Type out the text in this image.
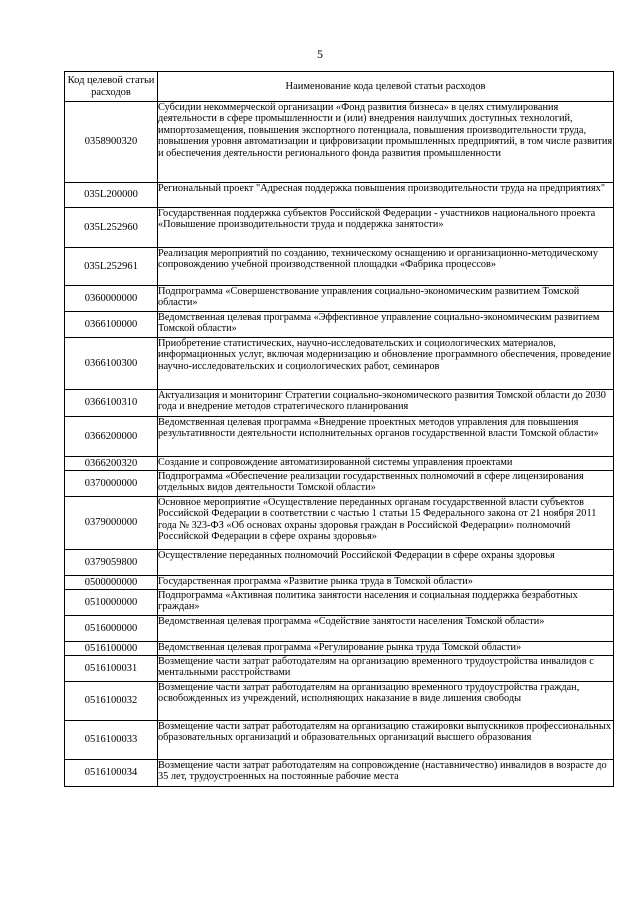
5
Код целевой статьи расходов	Наименование кода целевой статьи расходов
0358900320	Субсидии некоммерческой организации «Фонд развития бизнеса» в целях стимулирования деятельности в сфере промышленности и (или) внедрения наилучших доступных технологий, импортозамещения, повышения экспортного потенциала, повышения производительности труда, повышения уровня автоматизации и цифровизации промышленных предприятий, в том числе развития и обеспечения деятельности регионального фонда развития промышленности
035L200000	Региональный проект "Адресная поддержка повышения производительности труда на предприятиях"
035L252960	Государственная поддержка субъектов Российской Федерации - участников национального проекта «Повышение производительности труда и поддержка занятости»
035L252961	Реализация мероприятий по созданию, техническому оснащению и организационно-методическому сопровождению учебной производственной площадки «Фабрика процессов»
0360000000	Подпрограмма «Совершенствование управления социально-экономическим развитием Томской области»
0366100000	Ведомственная целевая программа «Эффективное управление социально-экономическим развитием Томской области»
0366100300	Приобретение статистических, научно-исследовательских и социологических материалов, информационных услуг, включая модернизацию и обновление программного обеспечения, проведение научно-исследовательских и социологических работ, семинаров
0366100310	Актуализация и мониторинг Стратегии социально-экономического развития Томской области до 2030 года и внедрение методов стратегического планирования
0366200000	Ведомственная целевая программа «Внедрение проектных методов управления для повышения результативности деятельности исполнительных органов государственной власти Томской области»
0366200320	Создание и сопровождение автоматизированной системы управления проектами
0370000000	Подпрограмма «Обеспечение реализации государственных полномочий в сфере лицензирования отдельных видов деятельности Томской области»
0379000000	Основное мероприятие «Осуществление переданных органам государственной власти субъектов Российской Федерации в соответствии с частью 1 статьи 15 Федерального закона от 21 ноября 2011 года № 323-ФЗ «Об основах охраны здоровья граждан в Российской Федерации» полномочий Российской Федерации в сфере охраны здоровья»
0379059800	Осуществление переданных полномочий Российской Федерации в сфере охраны здоровья
0500000000	Государственная программа «Развитие рынка труда в Томской области»
0510000000	Подпрограмма «Активная политика занятости населения и социальная поддержка безработных граждан»
0516000000	Ведомственная целевая программа «Содействие занятости населения Томской области»
0516100000	Ведомственная целевая программа «Регулирование рынка труда Томской области»
0516100031	Возмещение части затрат работодателям на организацию временного трудоустройства инвалидов с ментальными расстройствами
0516100032	Возмещение части затрат работодателям на организацию временного трудоустройства граждан, освобожденных из учреждений, исполняющих наказание в виде лишения свободы
0516100033	Возмещение части затрат работодателям на организацию стажировки выпускников профессиональных образовательных организаций и образовательных организаций высшего образования
0516100034	Возмещение части затрат работодателям на сопровождение (наставничество) инвалидов в возрасте до 35 лет, трудоустроенных на постоянные рабочие места
